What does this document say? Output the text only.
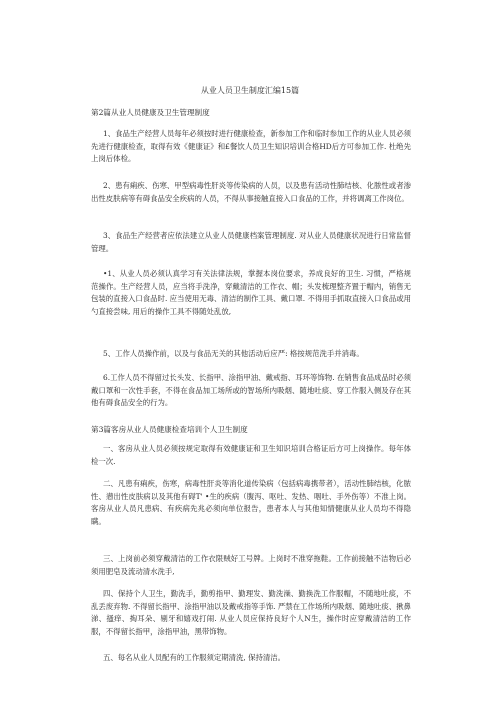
从业人员卫生制度汇编15篇
第2篇从业人员健康及卫生管理制度

1、食品生产经营人员每年必须按时进行健康检查，新参加工作和临时参加工作的从业人员必须先进行健康检查，取得有效《健康证》和£餐饮人员卫生知识培训合格HD后方可参加工作. 杜绝先上岗后体检。

2、患有痢疾、伤寒、甲型病毒性肝炎等传染病的人员，以及患有活动性肺结核、化脓性或者渗出性皮肤病等有碍食品安全疾病的人员，不得从事接触直接入口食品的工作，并将调离工作岗位。

3、食品生产经营者应依法建立从业人员健康档案管理制度. 对从业人员健康状况进行日常监督管理。

•1、从业人员必须认真学习有关法律法规，掌握本岗位要求，养成良好的卫生. 习惯，严格规范操作。生产经营人员，应当将手洗净，穿戴清洁的工作衣、帽；头发梳理整齐置于帽内，销售无包装的直接入口食品时. 应当使用无毒、清洁的制作工具、戴口罩. 不得用手抓取直接入口食品或用勺直接尝味, 用后的操作工具不得随处乱放,

5、工作人员操作前，以及与食品无关的其他活动后应严: 格按规范洗手并消毒。

6.工作人员不得留过长头发、长指甲、涂指甲油、戴戒指、耳环等饰物. 在销售食品成品时必须戴口罩和一次性手套，不得在食品加工场所或的智场所内吸烟、随地吐痰、穿工作服入侧及存在其他有碍食品安全的行为。

第3篇客房从业人员健康检查培训个人卫生制度

一、客房从业人员必须按规定取得有效健康证和卫生知识培训合格证后方可上岗操作。每年体检一次.

二、凡患有痢疾，伤寒，病毒性肝炎等消化道传染病（包括病毒携带者），活动性肺结核，化脓性、懑出性皮肤病以及其他有碍T' •生的疾病（腹泻、呕吐、发热、咽吐、手外伤等）不准上岗。客房从业人员凡患病、有疾病先兆必须向单位报告，患者本人与其他知情健康从业人员均不得隐瞒。

三、上岗前必须穿戴清洁的工作衣限贼好工号牌。上岗时不准穿拖鞋。工作前接触不洁物后必须用肥皂及流动清水洗手,

四、保持个人卫生，勤洗手，勤剪指甲、勤理发、勤洗澡、勤换洗工作服帽，不随地吐痰，不乱丢废弃物. 不得留长指甲、涂指甲油以及戴戒指等手饰. 严禁在工作场所内吸烟、随地吐痰、揪鼻涕、搔痒、掏耳朵、剔牙和嬉戏打闹. 从业人员应保持良好个人N生，操作时应穿戴清洁的工作服，不得留长指甲，涂指甲油，黑带饰物。

五、每名从业人员配有的工作服须定期清洗, 保持清洁。
